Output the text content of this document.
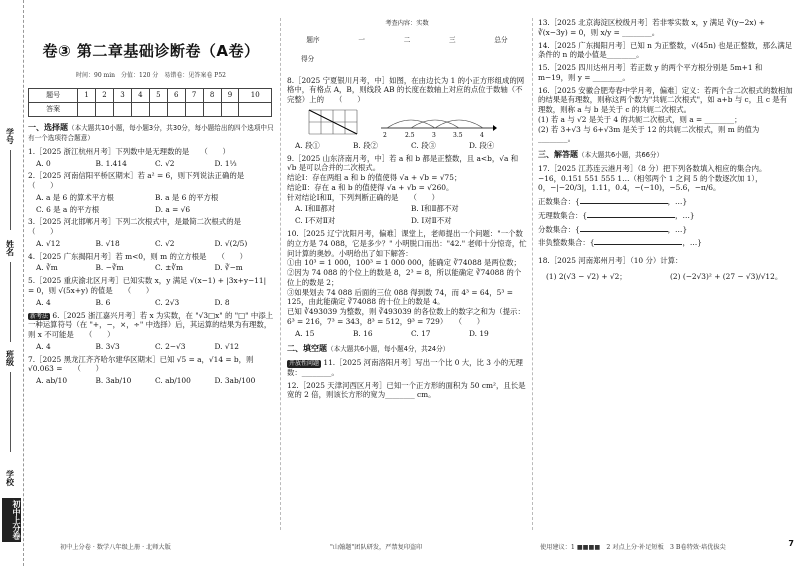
学号
姓名
班级
学校
初中上分卷
卷③ 第二章基础诊断卷（A卷）
时间：90 min　分值：120 分　易错卷：见答案卷 P52
题号	1	2	3	4	5	6	7	8	9	10
答案										
一、选择题（本大题共10小题，每小题3分，共30分，每小题给出的四个选项中只有一个选项符合题意）
1.［2025 浙江杭州月考］下列数中是无理数的是　　（　　）
A. 0	B. 1.414	C. √2	D. 1⅓
2.［2025 河南信阳平桥区期末］若 a² = 6，则下列说法正确的是　　（　　）
A. a 是 6 的算术平方根	B. a 是 6 的平方根
C. 6 是 a 的平方根	D. a = √6
3.［2025 河北邯郸月考］下列二次根式中，是最简二次根式的是　　（　　）
A. √12	B. √18	C. √2	D. √(2/5)
4.［2025 广东揭阳月考］若 m<0，则 m 的立方根是　　（　　）
A. ∛m	B. −∛m	C. ±∛m	D. ∛−m
5.［2025 重庆渝北区月考］已知实数 x，y 满足 √(x−1) + |3x+y−11| = 0，则 √(5x+y) 的值是　　（　　）
A. 4	B. 6	C. 2√3	D. 8
新考法 6.［2025 浙江嘉兴月考］若 x 为实数，在 "√3□x" 的 "□" 中添上一种运算符号（在 "+，−，×，÷" 中选择）后，其运算的结果为有理数，则 x 不可能是　　（　　）
A. 4	B. 3√3	C. 2−√3	D. √12
7.［2025 黑龙江齐齐哈尔建华区期末］已知 √5 = a，√14 = b，则 √0.063 =　　（　　）
A. ab/10	B. 3ab/10	C. ab/100	D. 3ab/100
考查内容：实数
题序	一	二	三	总分
得分
8.［2025 宁夏银川月考，中］如图，在由边长为 1 的小正方形组成的网格中，有格点 A，B，则线段 AB 的长度在数轴上对应的点位于数轴（不完整）上的　　（　　）
2	2.5	3	3.5	4
A. 段①	B. 段②	C. 段③	D. 段④
9.［2025 山东济南月考，中］若 a 和 b 都是正整数，且 a<b，√a 和 √b 是可以合并的二次根式。
结论Ⅰ：存在两组 a 和 b 的值使得 √a + √b = √75；
结论Ⅱ：存在 a 和 b 的值使得 √a + √b = √260。
针对结论Ⅰ和Ⅱ，下列判断正确的是　　（　　）
A. Ⅰ和Ⅱ都对	B. Ⅰ和Ⅱ都不对
C. Ⅰ不对Ⅱ对	D. Ⅰ对Ⅱ不对
10.［2025 辽宁沈阳月考，偏难］课堂上，老师提出一个问题："一个数的立方是 74 088，它是多少？" 小明脱口而出："42." 老师十分惊奇，忙问计算的奥妙。小明给出了如下解答：
①由 10³ = 1 000，100³ = 1 000 000，能确定 ∛74088 是两位数；
②因为 74 088 的个位上的数是 8，2³ = 8，所以能确定 ∛74088 的个位上的数是 2；
③如果划去 74 088 后面的三位 088 得到数 74，而 4³ = 64，5³ = 125，由此能确定 ∛74088 的十位上的数是 4。
已知 ∛493039 为整数，则 ∛493039 的各位数上的数字之和为（提示：6³ = 216，7³ = 343，8³ = 512，9³ = 729）　　（　　）
A. 15	B. 16	C. 17	D. 19
二、填空题（本大题共6小题，每小题4分，共24分）
开放性问题 11.［2025 河南洛阳月考］写出一个比 0 大，比 3 小的无理数：________。
12.［2025 天津河西区月考］已知一个正方形的面积为 50 cm²，且长是宽的 2 倍，则该长方形的宽为________ cm。
13.［2025 北京海淀区校级月考］若非零实数 x，y 满足 ∛(y−2x) + ∛(x−3y) = 0，则 x/y = ________。
14.［2025 广东揭阳月考］已知 n 为正整数，√(45n) 也是正整数，那么满足条件的 n 的最小值是________。
15.［2025 四川达州月考］若正数 y 的两个平方根分别是 5m+1 和 m−19，则 y = ________。
16.［2025 安徽合肥寿春中学月考，偏难］定义：若两个含二次根式的数相加的结果是有理数，则称这两个数为"共轭二次根式"，如 a+b 与 c，且 c 是有理数，则称 a 与 b 是关于 c 的共轭二次根式。
(1) 若 a 与 √2 是关于 4 的共轭二次根式，则 a = ________；
(2) 若 3+√3 与 6+√3m 是关于 12 的共轭二次根式，则 m 的值为________。
三、解答题（本大题共6小题，共66分）
17.［2025 江苏连云港月考］（8 分）把下列各数填入相应的集合内。
−16，0.151 551 555 1…（相邻两个 1 之间 5 的个数逐次加 1），
0，−|−20/3|，1.11，0.4，−(−10)，−5.6，−π/6。
正数集合：{	，…}
无理数集合：{	，…}
分数集合：{	，…}
非负整数集合：{	，…}
18.［2025 河南郑州月考］（10 分）计算：
(1) 2(√3 − √2) + √2；	(2) (−2√3)² + (27 − √3)/√12。
初中上分卷 · 数学八年级上册 · 北师大版	"山翰题"团队研发，严禁复印盗印	使用建议：1 ■■■■　2 对点上分·补足短板　3 B卷特效·培优拔尖	7
